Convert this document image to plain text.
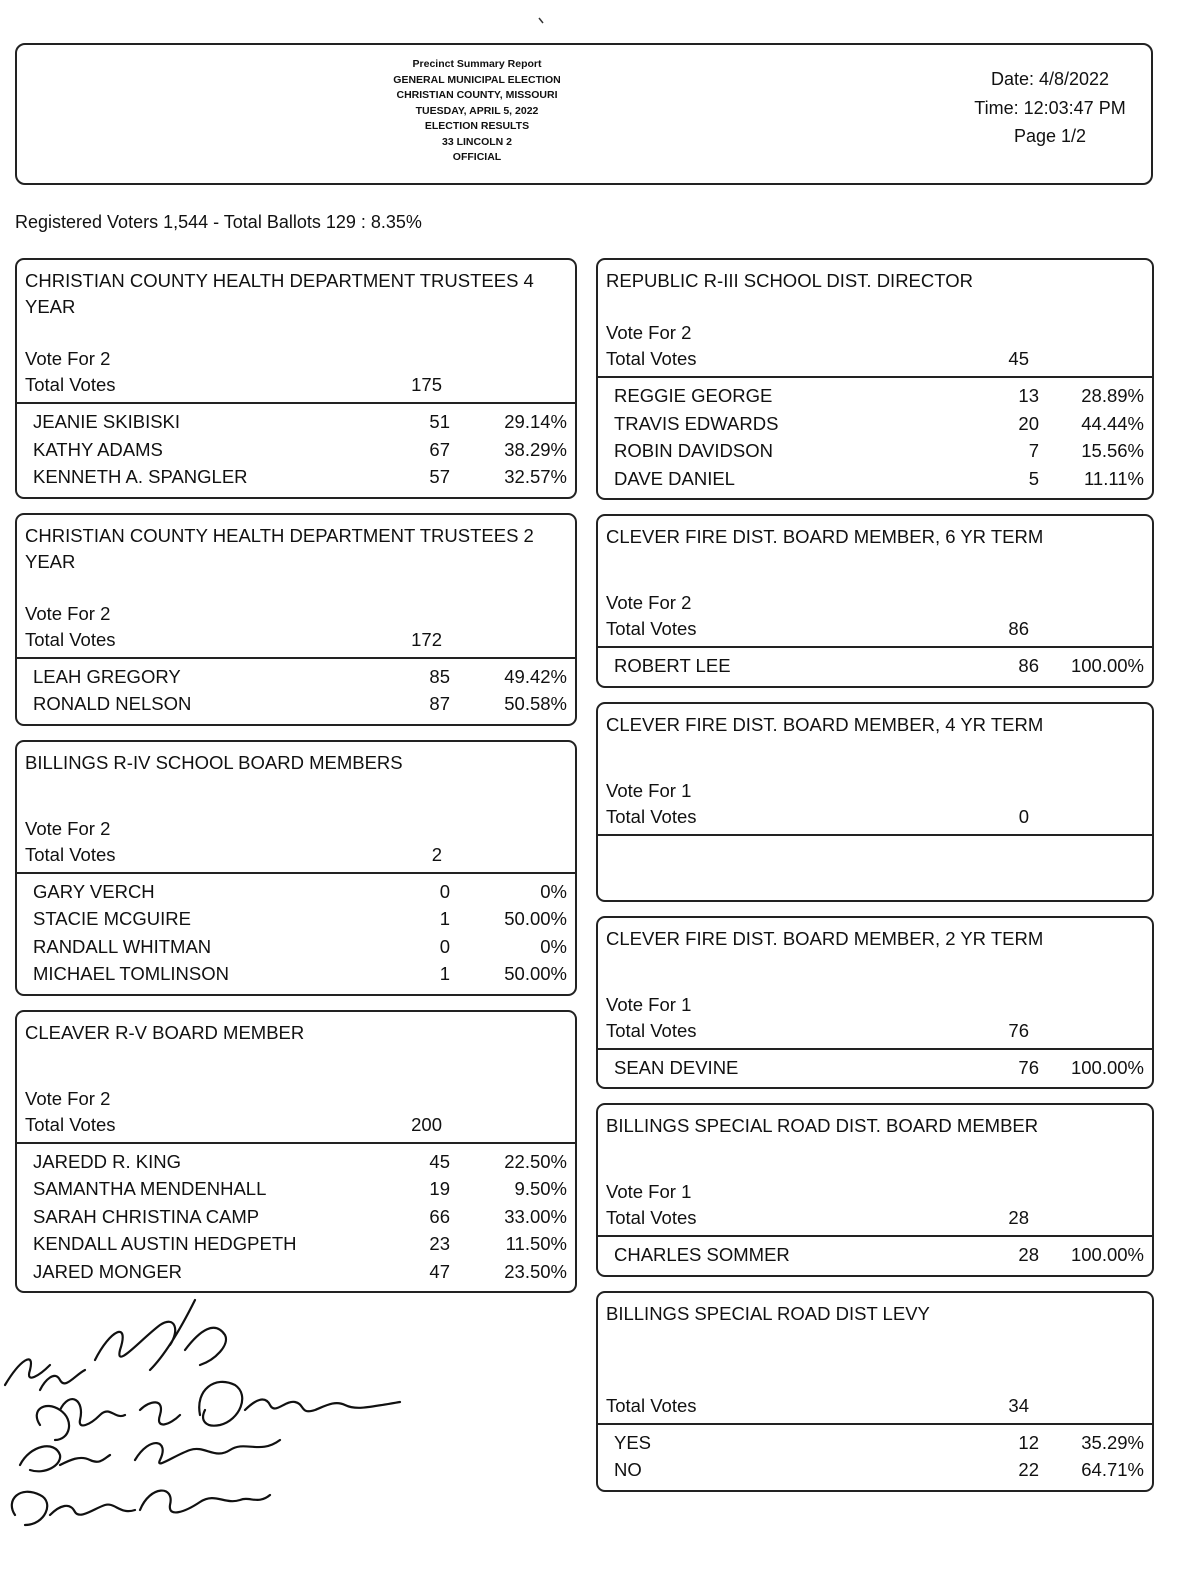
Precinct Summary Report
GENERAL MUNICIPAL ELECTION
CHRISTIAN COUNTY, MISSOURI
TUESDAY, APRIL 5, 2022
ELECTION RESULTS
33 LINCOLN 2
OFFICIAL
Date: 4/8/2022
Time: 12:03:47 PM
Page 1/2
Registered Voters 1,544 - Total Ballots 129 : 8.35%
CHRISTIAN COUNTY HEALTH DEPARTMENT TRUSTEES 4 YEAR
Vote For 2
Total Votes	175
JEANIE SKIBISKI	51	29.14%
KATHY ADAMS	67	38.29%
KENNETH A. SPANGLER	57	32.57%
CHRISTIAN COUNTY HEALTH DEPARTMENT TRUSTEES 2 YEAR
Vote For 2
Total Votes	172
LEAH GREGORY	85	49.42%
RONALD NELSON	87	50.58%
BILLINGS R-IV SCHOOL BOARD MEMBERS
Vote For 2
Total Votes	2
GARY VERCH	0	0%
STACIE MCGUIRE	1	50.00%
RANDALL WHITMAN	0	0%
MICHAEL TOMLINSON	1	50.00%
CLEAVER R-V BOARD MEMBER
Vote For 2
Total Votes	200
JAREDD R. KING	45	22.50%
SAMANTHA MENDENHALL	19	9.50%
SARAH CHRISTINA CAMP	66	33.00%
KENDALL AUSTIN HEDGPETH	23	11.50%
JARED MONGER	47	23.50%
REPUBLIC R-III SCHOOL DIST. DIRECTOR
Vote For 2
Total Votes	45
REGGIE GEORGE	13	28.89%
TRAVIS EDWARDS	20	44.44%
ROBIN DAVIDSON	7	15.56%
DAVE DANIEL	5	11.11%
CLEVER FIRE DIST. BOARD MEMBER, 6 YR TERM
Vote For 2
Total Votes	86
ROBERT LEE	86	100.00%
CLEVER FIRE DIST. BOARD MEMBER, 4 YR TERM
Vote For 1
Total Votes	0
CLEVER FIRE DIST. BOARD MEMBER, 2 YR TERM
Vote For 1
Total Votes	76
SEAN DEVINE	76	100.00%
BILLINGS SPECIAL ROAD DIST. BOARD MEMBER
Vote For 1
Total Votes	28
CHARLES SOMMER	28	100.00%
BILLINGS SPECIAL ROAD DIST LEVY
Total Votes	34
YES	12	35.29%
NO	22	64.71%
